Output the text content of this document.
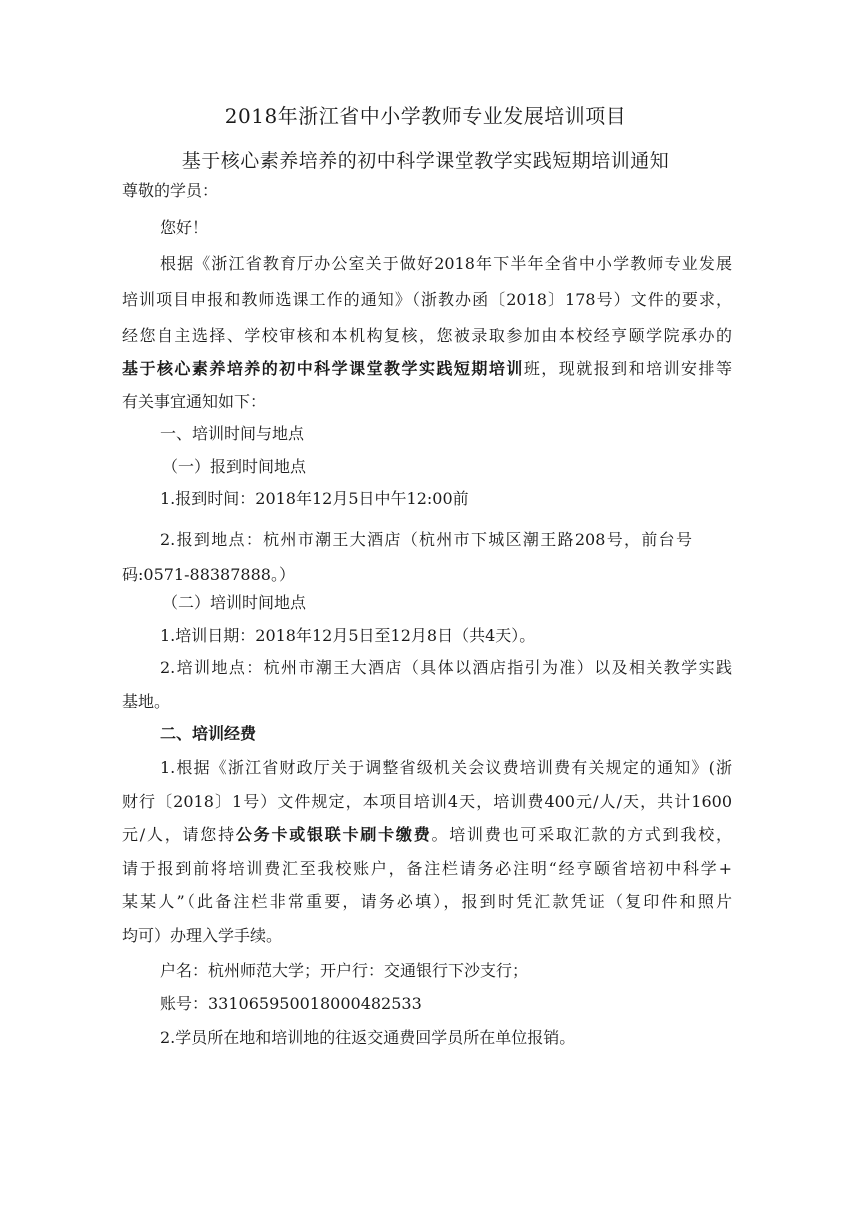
2018年浙江省中小学教师专业发展培训项目
基于核心素养培养的初中科学课堂教学实践短期培训通知
尊敬的学员：
您好！
根据《浙江省教育厅办公室关于做好2018年下半年全省中小学教师专业发展
培训项目申报和教师选课工作的通知》（浙教办函〔2018〕178号）文件的要求，
经您自主选择、学校审核和本机构复核，您被录取参加由本校经亨颐学院承办的
基于核心素养培养的初中科学课堂教学实践短期培训班，现就报到和培训安排等
有关事宜通知如下：
一、培训时间与地点
（一）报到时间地点
1.报到时间：2018年12月5日中午12:00前
2.报到地点：杭州市潮王大酒店（杭州市下城区潮王路208号，前台号
码:0571-88387888。）
（二）培训时间地点
1.培训日期：2018年12月5日至12月8日（共4天）。
2.培训地点：杭州市潮王大酒店（具体以酒店指引为准）以及相关教学实践
基地。
二、培训经费
1.根据《浙江省财政厅关于调整省级机关会议费培训费有关规定的通知》(浙
财行〔2018〕1号）文件规定，本项目培训4天，培训费400元/人/天，共计1600
元/人，请您持公务卡或银联卡刷卡缴费。培训费也可采取汇款的方式到我校，
请于报到前将培训费汇至我校账户，备注栏请务必注明“经亨颐省培初中科学+
某某人”（此备注栏非常重要，请务必填），报到时凭汇款凭证（复印件和照片
均可）办理入学手续。
户名：杭州师范大学；开户行：交通银行下沙支行；
账号：331065950018000482533
2.学员所在地和培训地的往返交通费回学员所在单位报销。
